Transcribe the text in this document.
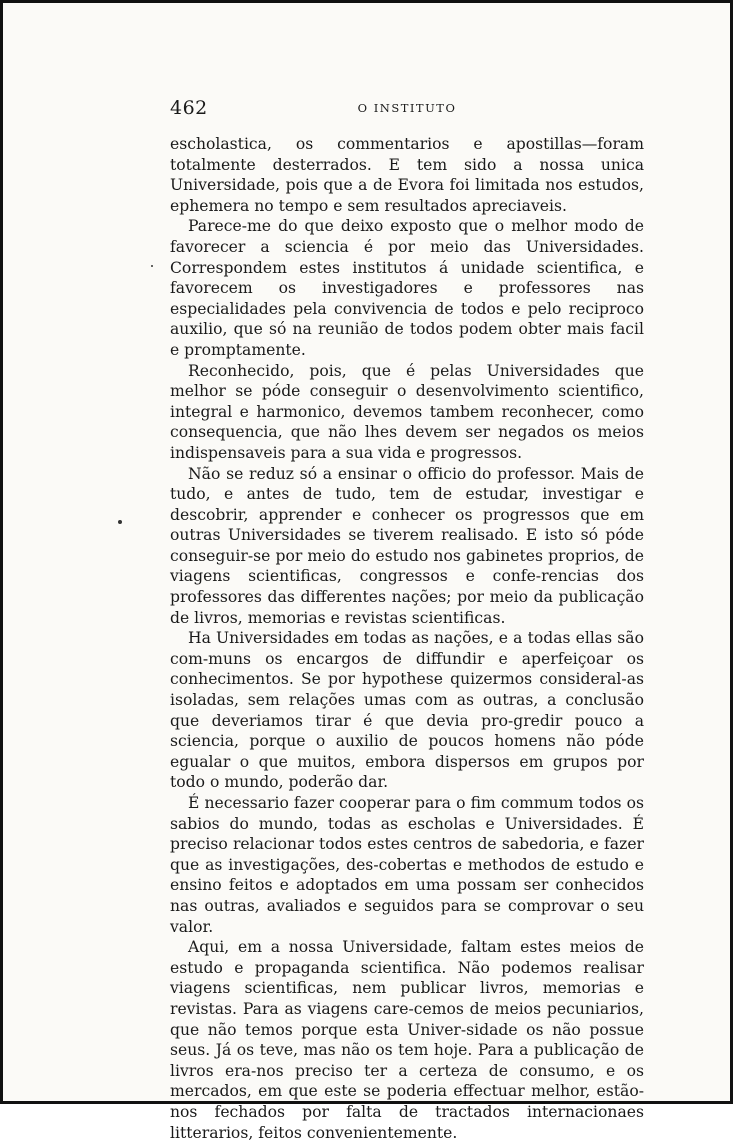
462	O INSTITUTO

escholastica, os commentarios e apostillas—foram totalmente desterrados. E tem sido a nossa unica Universidade, pois que a de Evora foi limitada nos estudos, ephemera no tempo e sem resultados apreciaveis.

Parece-me do que deixo exposto que o melhor modo de favorecer a sciencia é por meio das Universidades. Correspondem estes institutos á unidade scientifica, e favorecem os investigadores e professores nas especialidades pela convivencia de todos e pelo reciproco auxilio, que só na reunião de todos podem obter mais facil e promptamente.

Reconhecido, pois, que é pelas Universidades que melhor se póde conseguir o desenvolvimento scientifico, integral e harmonico, devemos tambem reconhecer, como consequencia, que não lhes devem ser negados os meios indispensaveis para a sua vida e progressos.

Não se reduz só a ensinar o officio do professor. Mais de tudo, e antes de tudo, tem de estudar, investigar e descobrir, apprender e conhecer os progressos que em outras Universidades se tiverem realisado. E isto só póde conseguir-se por meio do estudo nos gabinetes proprios, de viagens scientificas, congressos e confe-rencias dos professores das differentes nações; por meio da publicação de livros, memorias e revistas scientificas.

Ha Universidades em todas as nações, e a todas ellas são com-muns os encargos de diffundir e aperfeiçoar os conhecimentos. Se por hypothese quizermos consideral-as isoladas, sem relações umas com as outras, a conclusão que deveriamos tirar é que devia pro-gredir pouco a sciencia, porque o auxilio de poucos homens não póde egualar o que muitos, embora dispersos em grupos por todo o mundo, poderão dar.

É necessario fazer cooperar para o fim commum todos os sabios do mundo, todas as escholas e Universidades. É preciso relacionar todos estes centros de sabedoria, e fazer que as investigações, des-cobertas e methodos de estudo e ensino feitos e adoptados em uma possam ser conhecidos nas outras, avaliados e seguidos para se comprovar o seu valor.

Aqui, em a nossa Universidade, faltam estes meios de estudo e propaganda scientifica. Não podemos realisar viagens scientificas, nem publicar livros, memorias e revistas. Para as viagens care-cemos de meios pecuniarios, que não temos porque esta Univer-sidade os não possue seus. Já os teve, mas não os tem hoje. Para a publicação de livros era-nos preciso ter a certeza de consumo, e os mercados, em que este se poderia effectuar melhor, estão-nos fechados por falta de tractados internacionaes litterarios, feitos convenientemente.
